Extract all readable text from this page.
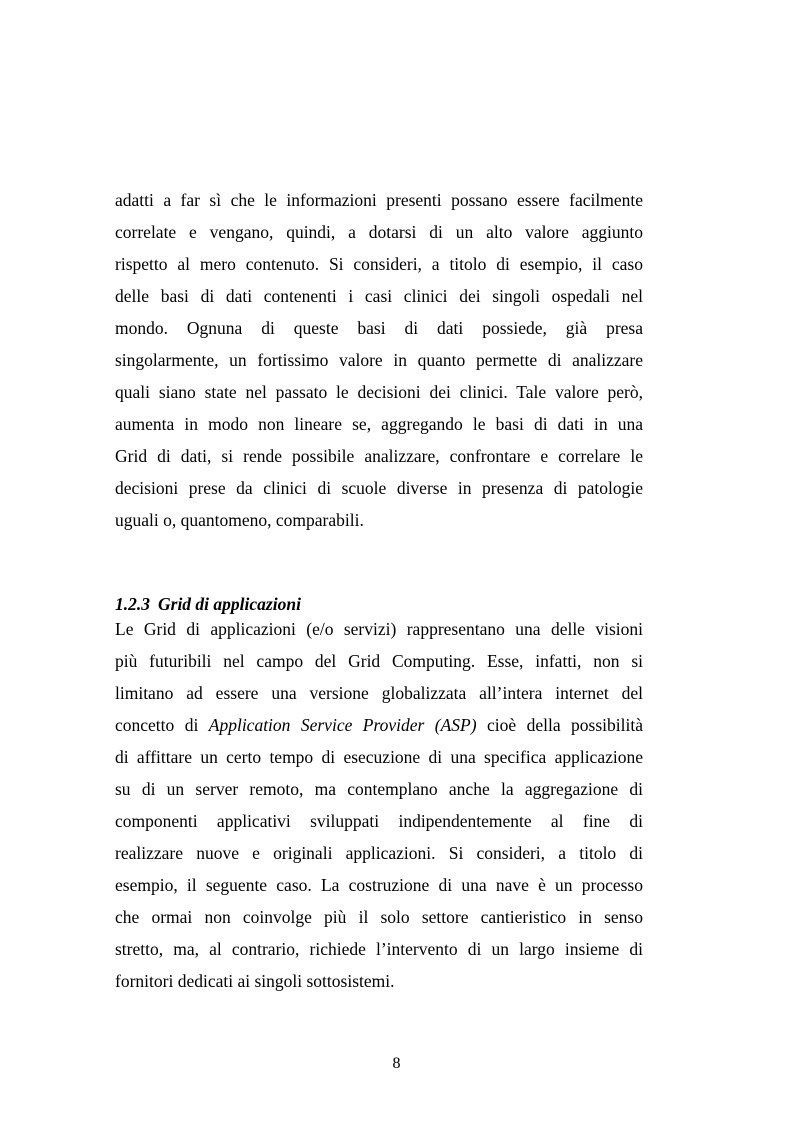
adatti a far sì che le informazioni presenti possano essere facilmente
correlate e vengano, quindi, a dotarsi di un alto valore aggiunto
rispetto al mero contenuto. Si consideri, a titolo di esempio, il caso
delle basi di dati contenenti i casi clinici dei singoli ospedali nel
mondo. Ognuna di queste basi di dati possiede, già presa
singolarmente, un fortissimo valore in quanto permette di analizzare
quali siano state nel passato le decisioni dei clinici. Tale valore però,
aumenta in modo non lineare se, aggregando le basi di dati in una
Grid di dati, si rende possibile analizzare, confrontare e correlare le
decisioni prese da clinici di scuole diverse in presenza di patologie
uguali o, quantomeno, comparabili.
1.2.3 Grid di applicazioni
Le Grid di applicazioni (e/o servizi) rappresentano una delle visioni
più futuribili nel campo del Grid Computing. Esse, infatti, non si
limitano ad essere una versione globalizzata all’intera internet del
concetto di Application Service Provider (ASP) cioè della possibilità
di affittare un certo tempo di esecuzione di una specifica applicazione
su di un server remoto, ma contemplano anche la aggregazione di
componenti applicativi sviluppati indipendentemente al fine di
realizzare nuove e originali applicazioni. Si consideri, a titolo di
esempio, il seguente caso. La costruzione di una nave è un processo
che ormai non coinvolge più il solo settore cantieristico in senso
stretto, ma, al contrario, richiede l’intervento di un largo insieme di
fornitori dedicati ai singoli sottosistemi.
8
